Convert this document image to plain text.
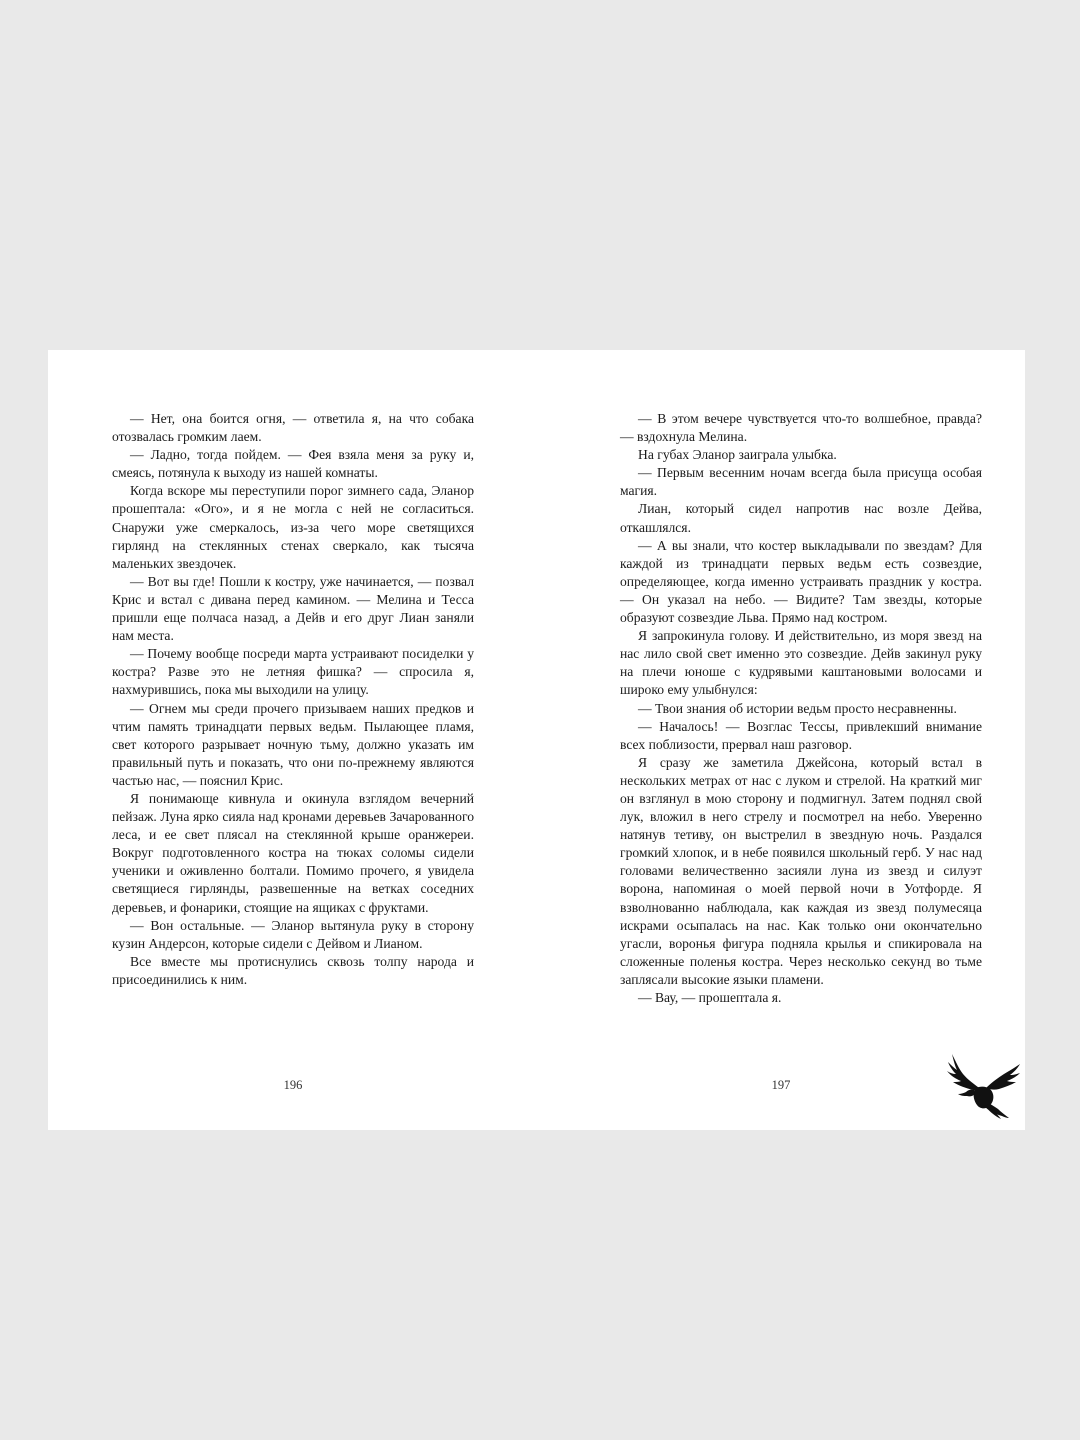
— Нет, она боится огня, — ответила я, на что собака отозвалась громким лаем.

— Ладно, тогда пойдем. — Фея взяла меня за руку и, смеясь, потянула к выходу из нашей комнаты.

Когда вскоре мы переступили порог зимнего сада, Эланор прошептала: «Ого», и я не могла с ней не согласиться. Снаружи уже смеркалось, из-за чего море светящихся гирлянд на стеклянных стенах сверкало, как тысяча маленьких звездочек.

— Вот вы где! Пошли к костру, уже начинается, — позвал Крис и встал с дивана перед камином. — Мелина и Тесса пришли еще полчаса назад, а Дейв и его друг Лиан заняли нам места.

— Почему вообще посреди марта устраивают посиделки у костра? Разве это не летняя фишка? — спросила я, нахмурившись, пока мы выходили на улицу.

— Огнем мы среди прочего призываем наших предков и чтим память тринадцати первых ведьм. Пылающее пламя, свет которого разрывает ночную тьму, должно указать им правильный путь и показать, что они по-прежнему являются частью нас, — пояснил Крис.

Я понимающе кивнула и окинула взглядом вечерний пейзаж. Луна ярко сияла над кронами деревьев Зачарованного леса, и ее свет плясал на стеклянной крыше оранжереи. Вокруг подготовленного костра на тюках соломы сидели ученики и оживленно болтали. Помимо прочего, я увидела светящиеся гирлянды, развешенные на ветках соседних деревьев, и фонарики, стоящие на ящиках с фруктами.

— Вон остальные. — Эланор вытянула руку в сторону кузин Андерсон, которые сидели с Дейвом и Лианом.

Все вместе мы протиснулись сквозь толпу народа и присоединились к ним.

196

— В этом вечере чувствуется что-то волшебное, правда? — вздохнула Мелина.

На губах Эланор заиграла улыбка.

— Первым весенним ночам всегда была присуща особая магия.

Лиан, который сидел напротив нас возле Дейва, откашлялся.

— А вы знали, что костер выкладывали по звездам? Для каждой из тринадцати первых ведьм есть созвездие, определяющее, когда именно устраивать праздник у костра. — Он указал на небо. — Видите? Там звезды, которые образуют созвездие Льва. Прямо над костром.

Я запрокинула голову. И действительно, из моря звезд на нас лило свой свет именно это созвездие. Дейв закинул руку на плечи юноше с кудрявыми каштановыми волосами и широко ему улыбнулся:

— Твои знания об истории ведьм просто несравненны.

— Началось! — Возглас Тессы, привлекший внимание всех поблизости, прервал наш разговор.

Я сразу же заметила Джейсона, который встал в нескольких метрах от нас с луком и стрелой. На краткий миг он взглянул в мою сторону и подмигнул. Затем поднял свой лук, вложил в него стрелу и посмотрел на небо. Уверенно натянув тетиву, он выстрелил в звездную ночь. Раздался громкий хлопок, и в небе появился школьный герб. У нас над головами величественно засияли луна из звезд и силуэт ворона, напоминая о моей первой ночи в Уотфорде. Я взволнованно наблюдала, как каждая из звезд полумесяца искрами осыпалась на нас. Как только они окончательно угасли, воронья фигура подняла крылья и спикировала на сложенные поленья костра. Через несколько секунд во тьме заплясали высокие языки пламени.

— Вау, — прошептала я.

197
